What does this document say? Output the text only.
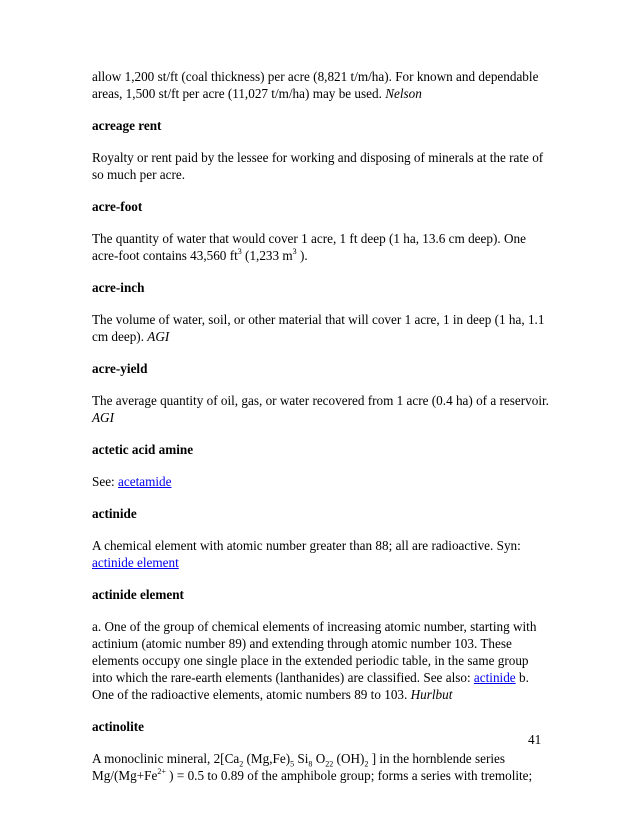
allow 1,200 st/ft (coal thickness) per acre (8,821 t/m/ha). For known and dependable areas, 1,500 st/ft per acre (11,027 t/m/ha) may be used. Nelson

acreage rent

Royalty or rent paid by the lessee for working and disposing of minerals at the rate of so much per acre.

acre-foot

The quantity of water that would cover 1 acre, 1 ft deep (1 ha, 13.6 cm deep). One acre-foot contains 43,560 $ft^3$ (1,233 $m^3$ ).

acre-inch

The volume of water, soil, or other material that will cover 1 acre, 1 in deep (1 ha, 1.1 cm deep). AGI

acre-yield

The average quantity of oil, gas, or water recovered from 1 acre (0.4 ha) of a reservoir. AGI

actetic acid amine

See: acetamide

actinide

A chemical element with atomic number greater than 88; all are radioactive. Syn: actinide element

actinide element

a. One of the group of chemical elements of increasing atomic number, starting with actinium (atomic number 89) and extending through atomic number 103. These elements occupy one single place in the extended periodic table, in the same group into which the rare-earth elements (lanthanides) are classified. See also: actinide b. One of the radioactive elements, atomic numbers 89 to 103. Hurlbut

actinolite

A monoclinic mineral, $2[Ca_2$ $(Mg,Fe)_5$ $Si_8$ $O_{22}$ $(OH)_2$ ] in the hornblende series $Mg/(Mg+Fe^{2+}$ ) = 0.5 to 0.89 of the amphibole group; forms a series with tremolite;

41
